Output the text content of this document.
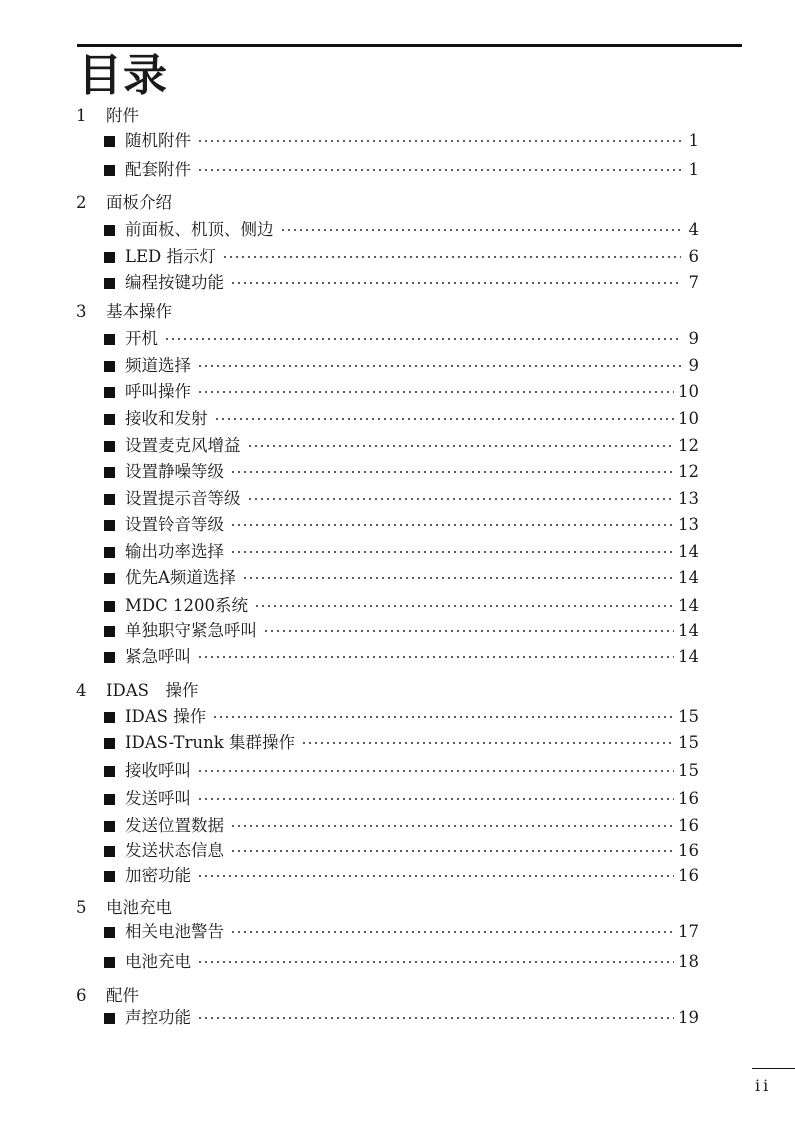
目录
1 附件
随机附件	1
配套附件	1
2 面板介绍
前面板、机顶、侧边	4
LED 指示灯	6
编程按键功能	7
3 基本操作
开机	9
频道选择	9
呼叫操作	10
接收和发射	10
设置麦克风增益	12
设置静噪等级	12
设置提示音等级	13
设置铃音等级	13
输出功率选择	14
优先A频道选择	14
MDC 1200系统	14
单独职守紧急呼叫	14
紧急呼叫	14
4 IDAS　操作
IDAS 操作	15
IDAS-Trunk 集群操作	15
接收呼叫	15
发送呼叫	16
发送位置数据	16
发送状态信息	16
加密功能	16
5 电池充电
相关电池警告	17
电池充电	18
6 配件
声控功能	19
ii
